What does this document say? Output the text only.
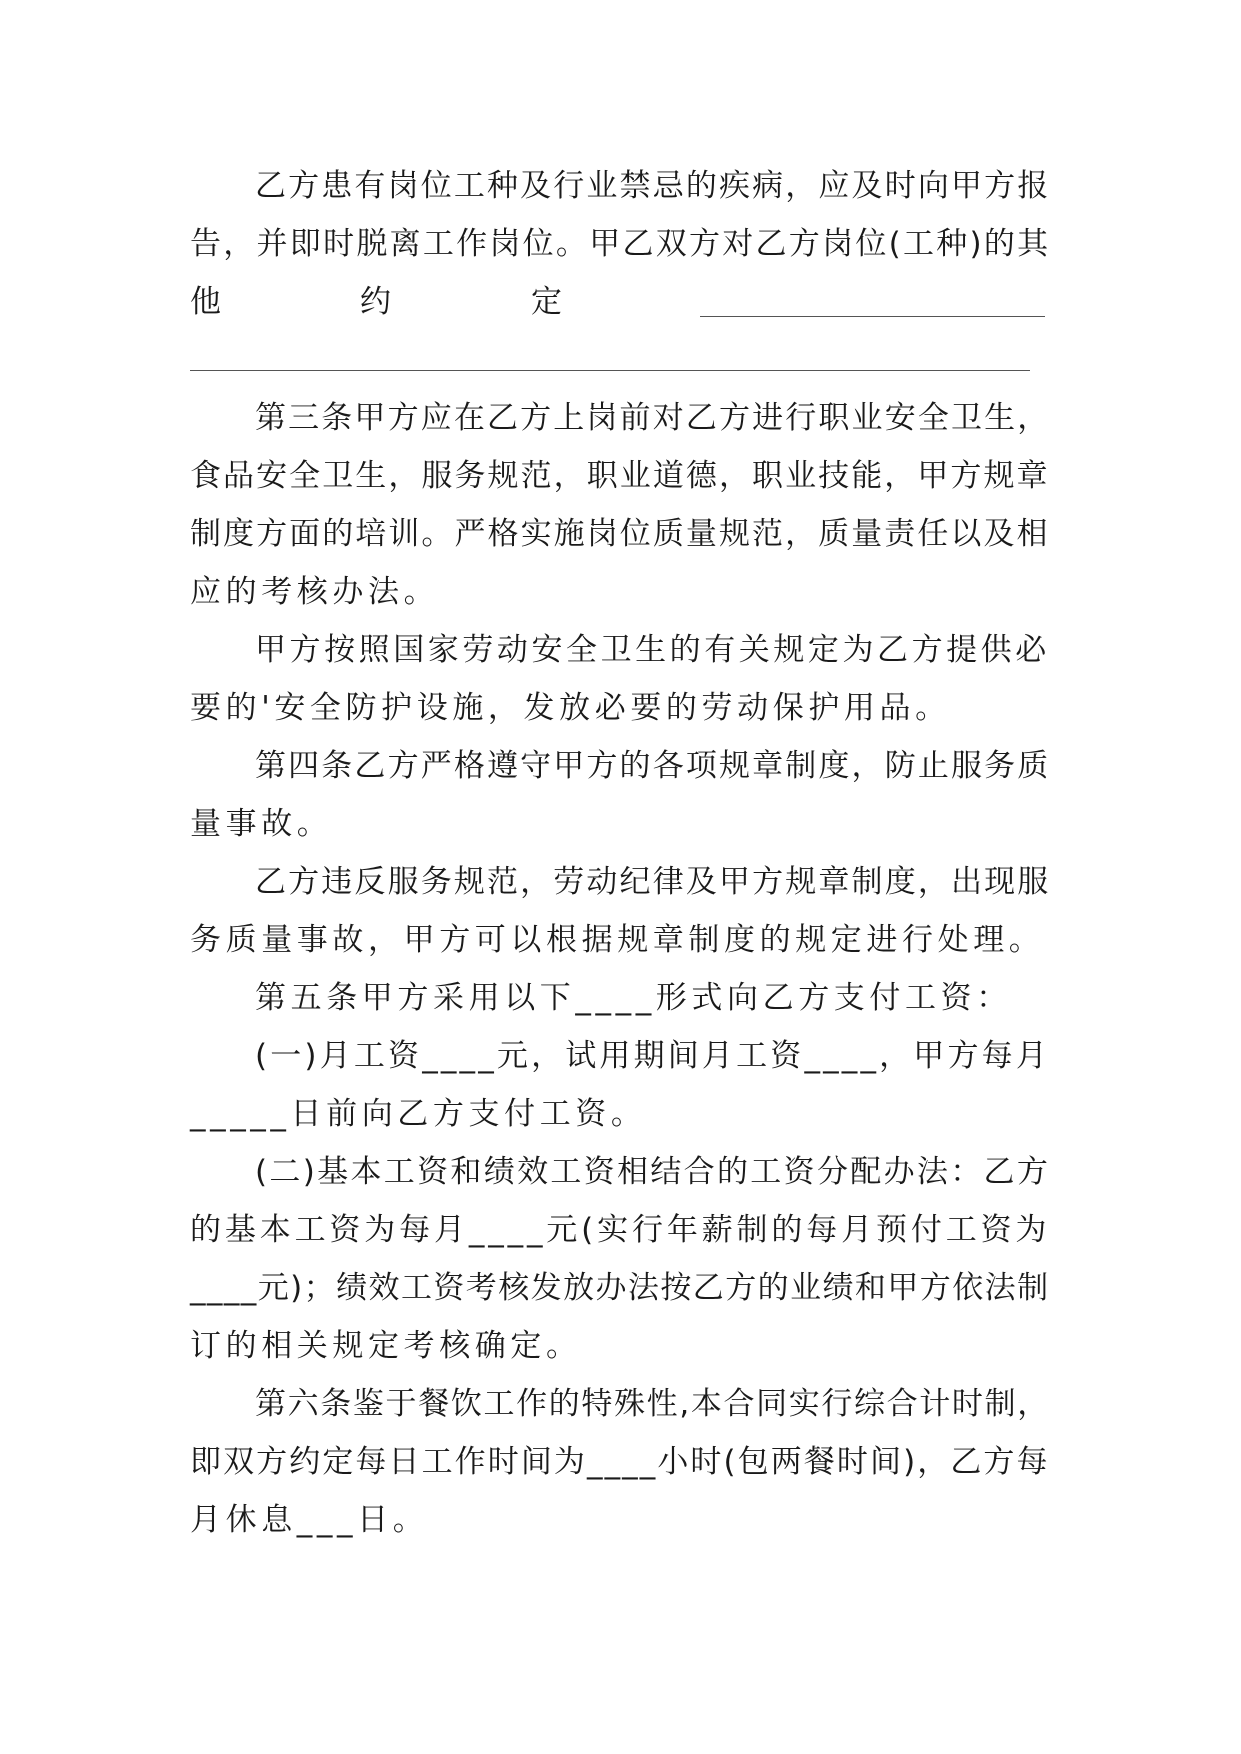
乙方患有岗位工种及行业禁忌的疾病，应及时向甲方报
告，并即时脱离工作岗位。甲乙双方对乙方岗位(工种)的其
他	约	定
第三条甲方应在乙方上岗前对乙方进行职业安全卫生，
食品安全卫生，服务规范，职业道德，职业技能，甲方规章
制度方面的培训。严格实施岗位质量规范，质量责任以及相
应的考核办法。
甲方按照国家劳动安全卫生的有关规定为乙方提供必
要的'安全防护设施，发放必要的劳动保护用品。
第四条乙方严格遵守甲方的各项规章制度，防止服务质
量事故。
乙方违反服务规范，劳动纪律及甲方规章制度，出现服
务质量事故，甲方可以根据规章制度的规定进行处理。
第五条甲方采用以下____形式向乙方支付工资：
(一)月工资____元，试用期间月工资____，甲方每月
_____日前向乙方支付工资。
(二)基本工资和绩效工资相结合的工资分配办法：乙方
的基本工资为每月____元(实行年薪制的每月预付工资为
____元)；绩效工资考核发放办法按乙方的业绩和甲方依法制
订的相关规定考核确定。
第六条鉴于餐饮工作的特殊性,本合同实行综合计时制，
即双方约定每日工作时间为____小时(包两餐时间)，乙方每
月休息___日。
